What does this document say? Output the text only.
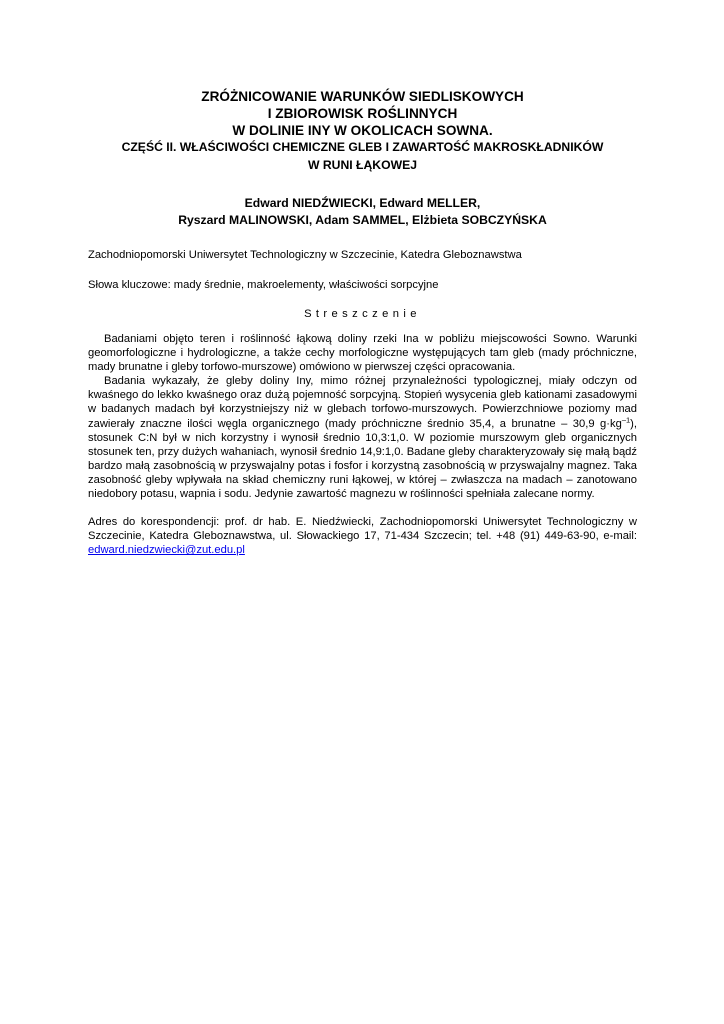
ZRÓŻNICOWANIE WARUNKÓW SIEDLISKOWYCH
I ZBIOROWISK ROŚLINNYCH
W DOLINIE INY W OKOLICACH SOWNA.
CZĘŚĆ II. WŁAŚCIWOŚCI CHEMICZNE GLEB I ZAWARTOŚĆ MAKROSKŁADNIKÓW
W RUNI ŁĄKOWEJ
Edward NIEDŹWIECKI, Edward MELLER,
Ryszard MALINOWSKI, Adam SAMMEL, Elżbieta SOBCZYŃSKA
Zachodniopomorski Uniwersytet Technologiczny w Szczecinie, Katedra Gleboznawstwa
Słowa kluczowe: mady średnie, makroelementy, właściwości sorpcyjne
Streszczenie

Badaniami objęto teren i roślinność łąkową doliny rzeki Ina w pobliżu miejscowości Sowno. Warunki geomorfologiczne i hydrologiczne, a także cechy morfologiczne występujących tam gleb (mady próchniczne, mady brunatne i gleby torfowo-murszowe) omówiono w pierwszej części opracowania.

Badania wykazały, że gleby doliny Iny, mimo różnej przynależności typologicznej, miały odczyn od kwaśnego do lekko kwaśnego oraz dużą pojemność sorpcyjną. Stopień wysycenia gleb kationami zasadowymi w badanych madach był korzystniejszy niż w glebach torfowo-murszowych. Powierzchniowe poziomy mad zawierały znaczne ilości węgla organicznego (mady próchniczne średnio 35,4, a brunatne – 30,9 $g\cdot kg^{-1}$), stosunek C:N był w nich korzystny i wynosił średnio 10,3:1,0. W poziomie murszowym gleb organicznych stosunek ten, przy dużych wahaniach, wynosił średnio 14,9:1,0. Badane gleby charakteryzowały się małą bądź bardzo małą zasobnością w przyswajalny potas i fosfor i korzystną zasobnością w przyswajalny magnez. Taka zasobność gleby wpływała na skład chemiczny runi łąkowej, w której – zwłaszcza na madach – zanotowano niedobory potasu, wapnia i sodu. Jedynie zawartość magnezu w roślinności spełniała zalecane normy.

Adres do korespondencji: prof. dr hab. E. Niedźwiecki, Zachodniopomorski Uniwersytet Technologiczny w Szczecinie, Katedra Gleboznawstwa, ul. Słowackiego 17, 71-434 Szczecin; tel. +48 (91) 449-63-90, e-mail: edward.niedzwiecki@zut.edu.pl
